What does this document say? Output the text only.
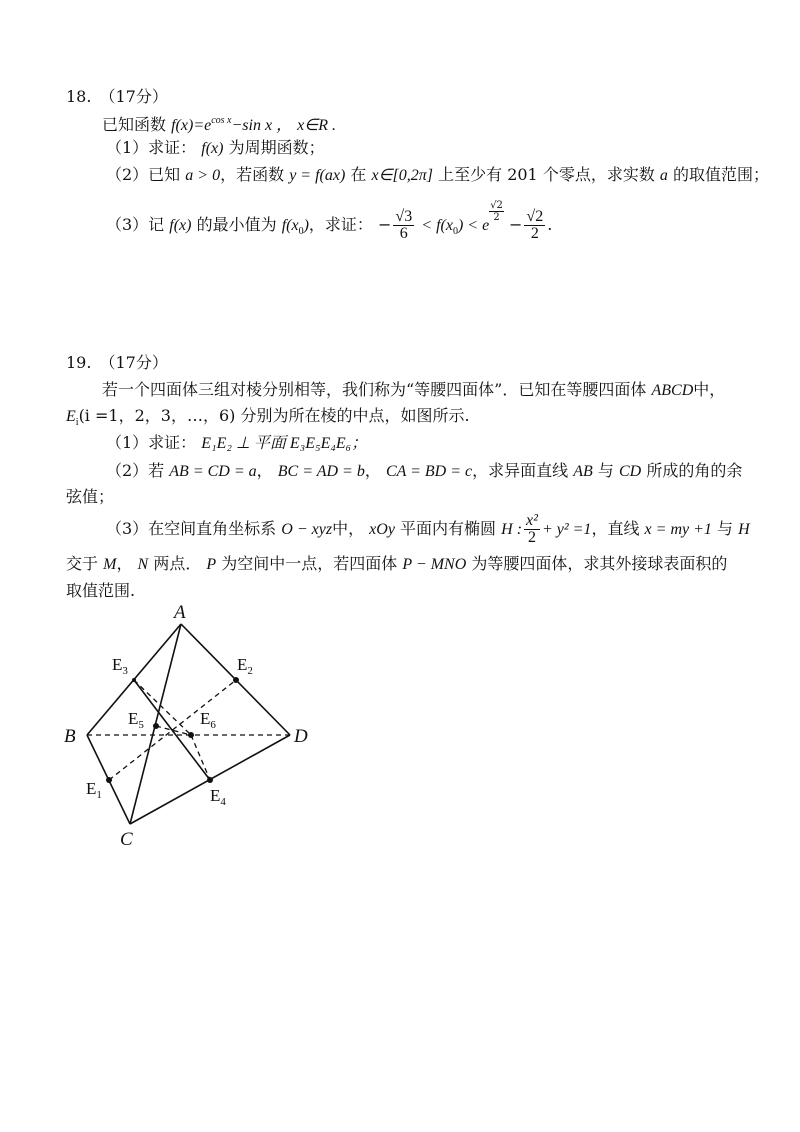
18. （17分）
已知函数 $f(x)=e^{cos x}-\sin$ x ， x∈R .
（1）求证： f(x) 为周期函数；
（2）已知 a > 0，若函数 y = f(ax) 在 x∈[0,2π] 上至少有 201 个零点，求实数 a 的取值范围；
（3）记 f(x) 的最小值为 $f(x_0)$，求证： − $\frac{√3}{6} < f(x_0) < e$
$\frac{√2}{2}$
− $\frac{√2}{2}$ .
19. （17分）
若一个四面体三组对棱分别相等，我们称为“等腰四面体”．已知在等腰四面体 ABCD中，
$E_i(i =1$，2，3，…，6) 分别为所在棱的中点，如图所示.
（1）求证： E₁E₂ ⊥ 平面 E₃E₅E₄E₆；
（2）若 AB = CD = a， BC = AD = b， CA = BD = c，求异面直线 AB 与 CD 所成的角的余
弦值；
（3）在空间直角坐标系 O − xyz中， xOy 平面内有椭圆 H : $\frac{\text{x²}}{2} + y^2 =1$，直线 x = my +1 与 H
交于 M， N 两点． P 为空间中一点，若四面体 P − MNO 为等腰四面体，求其外接球表面积的
取值范围.
A
B
C
D
$E_3$	$E_2$
$E_5$	$E_6$
$E_1$	$E_4$
